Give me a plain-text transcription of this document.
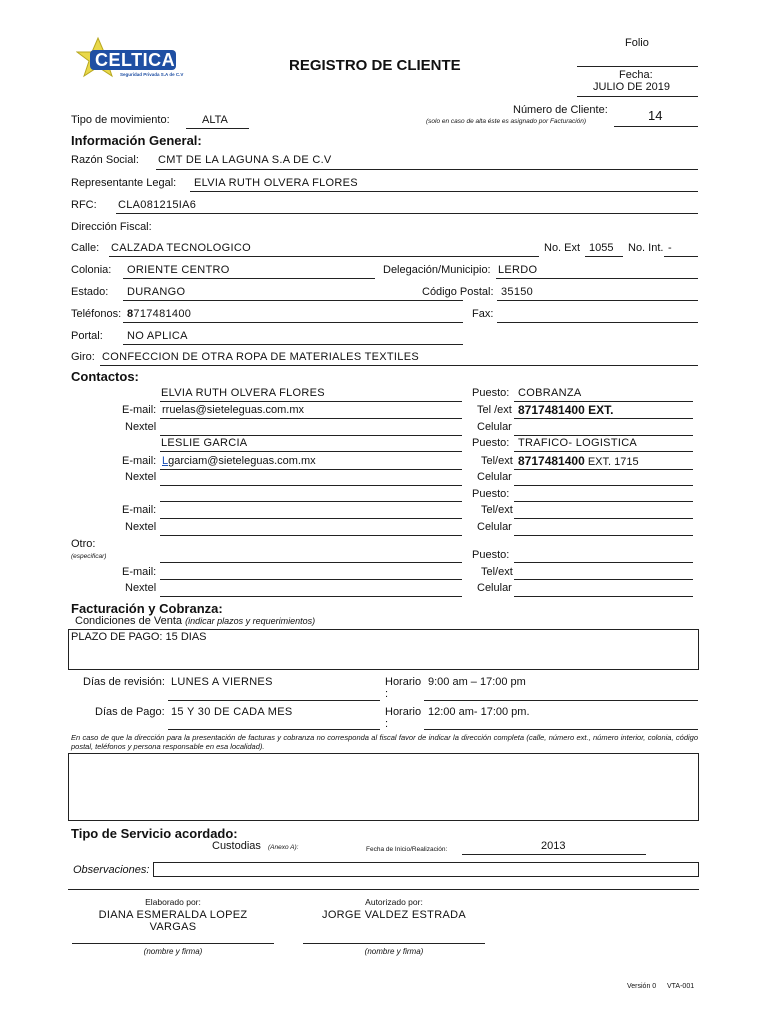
CELTICA
Seguridad Privada S.A de C.V
REGISTRO DE CLIENTE
Folio
Fecha:
JULIO DE 2019
Número de Cliente:
(solo en caso de alta éste es asignado por Facturación)	14
Tipo de movimiento:	ALTA
Información General:
Razón Social: CMT DE LA LAGUNA S.A DE C.V
Representante Legal: ELVIA RUTH OLVERA FLORES
RFC: CLA081215IA6
Dirección Fiscal:
Calle: CALZADA TECNOLOGICO	No. Ext 1055 No. Int. -
Colonia: ORIENTE CENTRO	Delegación/Municipio: LERDO
Estado: DURANGO	Código Postal: 35150
Teléfonos: 8717481400	Fax:
Portal: NO APLICA
Giro: CONFECCION DE OTRA ROPA DE MATERIALES TEXTILES
Contactos:
ELVIA RUTH OLVERA FLORES	Puesto: COBRANZA
E-mail: rruelas@sieteleguas.com.mx	Tel /ext 8717481400 EXT.
Nextel	Celular
LESLIE GARCIA	Puesto: TRAFICO- LOGISTICA
E-mail: Lgarciam@sieteleguas.com.mx	Tel/ext 8717481400 EXT. 1715
Nextel	Celular
Puesto:
E-mail:	Tel/ext
Nextel	Celular
Otro:
(especificar)	Puesto:
E-mail:	Tel/ext
Nextel	Celular
Facturación y Cobranza:
Condiciones de Venta (indicar plazos y requerimientos)
PLAZO DE PAGO: 15 DIAS
Días de revisión: LUNES A VIERNES	Horario
:
9:00 am – 17:00 pm
Días de Pago: 15 Y 30 DE CADA MES	Horario
:
12:00 am- 17:00 pm.
En caso de que la dirección para la presentación de facturas y cobranza no corresponda al fiscal favor de indicar la dirección completa (calle, número ext., número interior, colonia, código postal, teléfonos y persona responsable en esa localidad).
Tipo de Servicio acordado:
Custodias (Anexo A):	Fecha de Inicio/Realización:	2013
Observaciones:
Elaborado por:
DIANA ESMERALDA LOPEZ
VARGAS
(nombre y firma)
Autorizado por:
JORGE VALDEZ ESTRADA
(nombre y firma)
Versión 0 VTA-001
